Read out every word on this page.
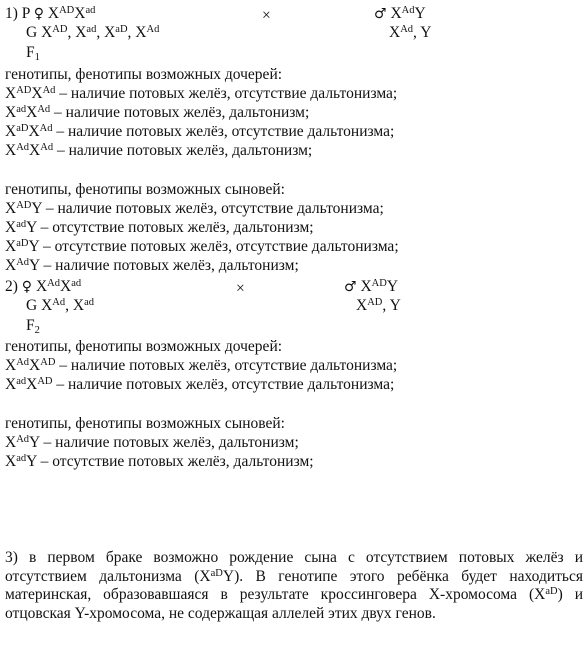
1) P ♀ $X^{AD}X^{ad}$	×	♂ $X^{Ad}Y$
G $X^{AD}$, $X^{ad}$, $X^{aD}$, $X^{Ad}$	$X^{Ad}$, Y
$F_1$
генотипы, фенотипы возможных дочерей:
$X^{AD}X^{Ad}$ – наличие потовых желёз, отсутствие дальтонизма;
$X^{ad}X^{Ad}$ – наличие потовых желёз, дальтонизм;
$X^{aD}X^{Ad}$ – наличие потовых желёз, отсутствие дальтонизма;
$X^{Ad}X^{Ad}$ – наличие потовых желёз, дальтонизм;
генотипы, фенотипы возможных сыновей:
$X^{AD}Y$ – наличие потовых желёз, отсутствие дальтонизма;
$X^{ad}Y$ – отсутствие потовых желёз, дальтонизм;
$X^{aD}Y$ – отсутствие потовых желёз, отсутствие дальтонизма;
$X^{Ad}Y$ – наличие потовых желёз, дальтонизм;
2) ♀ $X^{Ad}X^{ad}$	×	♂ $X^{AD}Y$
G $X^{Ad}$, $X^{ad}$	$X^{AD}$, Y
$F_2$
генотипы, фенотипы возможных дочерей:
$X^{Ad}X^{AD}$ – наличие потовых желёз, отсутствие дальтонизма;
$X^{ad}X^{AD}$ – наличие потовых желёз, отсутствие дальтонизма;
генотипы, фенотипы возможных сыновей:
$X^{Ad}Y$ – наличие потовых желёз, дальтонизм;
$X^{ad}Y$ – отсутствие потовых желёз, дальтонизм;
3) в первом браке возможно рождение сына с отсутствием потовых желёз и отсутствием дальтонизма $(X^{aD}Y)$. В генотипе этого ребёнка будет находиться материнская, образовавшаяся в результате кроссинговера Х-хромосома $(X^{aD})$ и отцовская Y-хромосома, не содержащая аллелей этих двух генов.
